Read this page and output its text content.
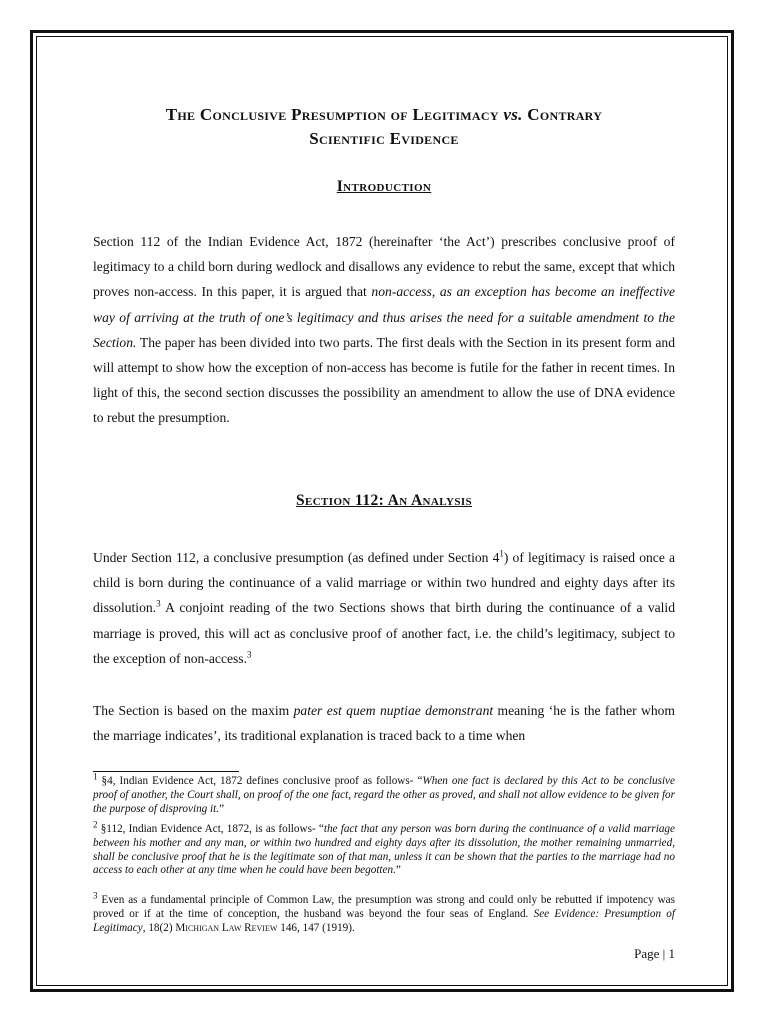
The Conclusive Presumption of Legitimacy vs. Contrary
Scientific Evidence
Introduction

Section 112 of the Indian Evidence Act, 1872 (hereinafter ‘the Act’) prescribes conclusive proof of legitimacy to a child born during wedlock and disallows any evidence to rebut the same, except that which proves non-access. In this paper, it is argued that non-access, as an exception has become an ineffective way of arriving at the truth of one’s legitimacy and thus arises the need for a suitable amendment to the Section. The paper has been divided into two parts. The first deals with the Section in its present form and will attempt to show how the exception of non-access has become is futile for the father in recent times. In light of this, the second section discusses the possibility an amendment to allow the use of DNA evidence to rebut the presumption.

Section 112: An Analysis

Under Section 112, a conclusive presumption (as defined under Section $4^1$) of legitimacy is raised once a child is born during the continuance of a valid marriage or within two hundred and eighty days after its dissolution.$^3$ A conjoint reading of the two Sections shows that birth during the continuance of a valid marriage is proved, this will act as conclusive proof of another fact, i.e. the child’s legitimacy, subject to the exception of non-access.$^3$

The Section is based on the maxim pater est quem nuptiae demonstrant meaning ‘he is the father whom the marriage indicates’, its traditional explanation is traced back to a time when

$^1$ §4, Indian Evidence Act, 1872 defines conclusive proof as follows- “When one fact is declared by this Act to be conclusive proof of another, the Court shall, on proof of the one fact, regard the other as proved, and shall not allow evidence to be given for the purpose of disproving it.”

$^2$ §112, Indian Evidence Act, 1872, is as follows- “the fact that any person was born during the continuance of a valid marriage between his mother and any man, or within two hundred and eighty days after its dissolution, the mother remaining unmarried, shall be conclusive proof that he is the legitimate son of that man, unless it can be shown that the parties to the marriage had no access to each other at any time when he could have been begotten.”

$^3$ Even as a fundamental principle of Common Law, the presumption was strong and could only be rebutted if impotency was proved or if at the time of conception, the husband was beyond the four seas of England. See Evidence: Presumption of Legitimacy, 18(2) Michigan Law Review 146, 147 (1919).

Page | 1
